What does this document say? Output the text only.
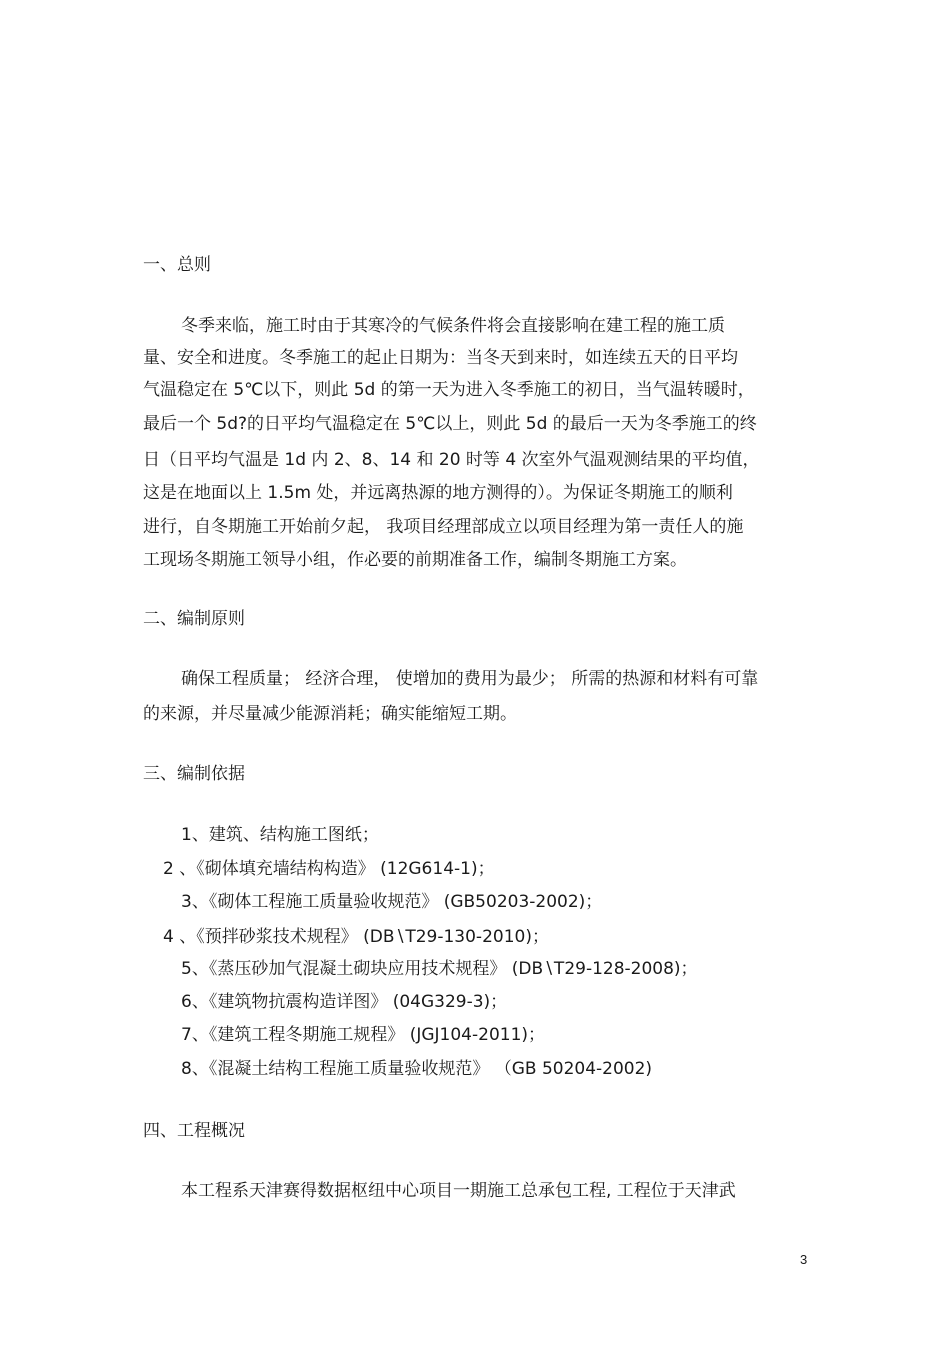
一、总则
冬季来临，施工时由于其寒冷的气候条件将会直接影响在建工程的施工质
量、安全和进度。冬季施工的起止日期为：当冬天到来时，如连续五天的日平均
气温稳定在 5℃以下，则此 5d 的第一天为进入冬季施工的初日，当气温转暖时，
最后一个 5d?的日平均气温稳定在 5℃以上，则此 5d 的最后一天为冬季施工的终
日（日平均气温是 1d 内 2、8、14 和 20 时等 4 次室外气温观测结果的平均值，
这是在地面以上 1.5m 处，并远离热源的地方测得的）。为保证冬期施工的顺利
进行，自冬期施工开始前夕起， 我项目经理部成立以项目经理为第一责任人的施
工现场冬期施工领导小组，作必要的前期准备工作，编制冬期施工方案。
二、编制原则
确保工程质量； 经济合理， 使增加的费用为最少； 所需的热源和材料有可靠
的来源，并尽量减少能源消耗；确实能缩短工期。
三、编制依据
1、建筑、结构施工图纸；
2 、《砌体填充墙结构构造》 (12G614-1)；
3、《砌体工程施工质量验收规范》 (GB50203-2002)；
4 、《预拌砂浆技术规程》 (DB∖T29-130-2010)；
5、《蒸压砂加气混凝土砌块应用技术规程》 (DB∖T29-128-2008)；
6、《建筑物抗震构造详图》 (04G329-3)；
7、《建筑工程冬期施工规程》 (JGJ104-2011)；
8、《混凝土结构工程施工质量验收规范》 （GB 50204-2002)
四、工程概况
本工程系天津赛得数据枢纽中心项目一期施工总承包工程, 工程位于天津武
3
